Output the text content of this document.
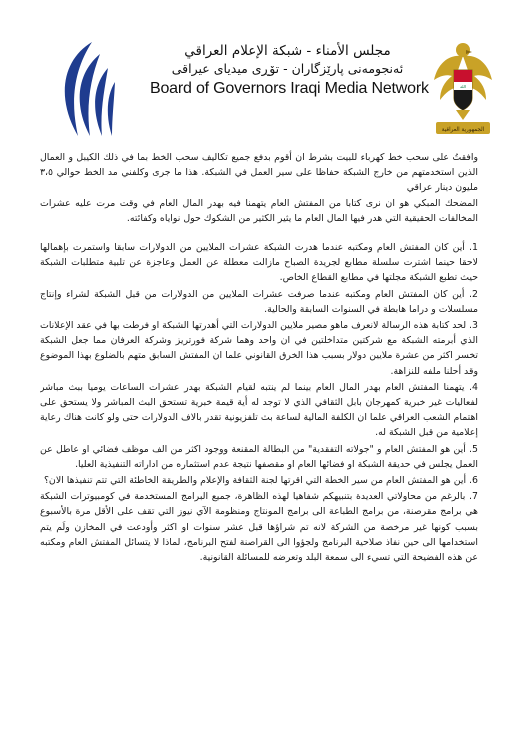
مجلس الأمناء - شبكة الإعلام العراقي
ئەنجومەنی پارێزگاران - تۆڕی میدیای عیراقی
Board of Governors Iraqi Media Network	الله
الجمهورية العراقية

وافقتُ على سحب خط كهرباء للبيت بشرط ان أقوم بدفع جميع تكاليف سحب الخط بما في ذلك الكيبل و العمال الذين استخدمتهم من خارج الشبكة حفاظا على سير العمل في الشبكة. هذا ما جرى وكلفني مد الخط حوالي ٣،٥ مليون دينار عراقي

المضحك المبكي هو ان نرى كتابا من المفتش العام يتهمنا فيه بهدر المال العام في وقت مرت عليه عشرات المخالفات الحقيقية التي هدر فيها المال العام ما يثير الكثير من الشكوك حول نواياه وكفائته.

1. أين كان المفتش العام ومكتبه عندما هدرت الشبكة عشرات الملايين من الدولارات سابقا واستمرت بإهمالها لاحقا حينما اشترت سلسلة مطابع لجريدة الصباح مازالت معطلة عن العمل وعاجزة عن تلبية متطلبات الشبكة حيث تطبع الشبكة مجلتها في مطابع القطاع الخاص.

2. أين كان المفتش العام ومكتبه عندما صرفت عشرات الملايين من الدولارات من قبل الشبكة لشراء وإنتاج مسلسلات و دراما هابطة في السنوات السابقة والحالية.

3. لحد كتابة هذه الرسالة لانعرف ماهو مصير ملايين الدولارات التي أهدرتها الشبكة او فرطت بها في عقد الإعلانات الذي أبرمته الشبكة مع شركتين متداخلتين في ان واحد وهما شركة فورتريز وشركة العرفان مما جعل الشبكة تخسر اكثر من عشرة ملايين دولار بسبب هذا الخرق القانوني علما ان المفتش السابق متهم بالضلوع بهذا الموضوع وقد أحلنا ملفه للنزاهة.

4. يتهمنا المفتش العام بهدر المال العام بينما لم ينتبه لقيام الشبكة بهدر عشرات الساعات يوميا ببث مباشر لفعاليات غير خبرية كمهرجان بابل الثقافي الذي لا توجد له أية قيمة خبرية تستحق البث المباشر ولا يستحق على اهتمام الشعب العراقي علما ان الكلفة المالية لساعة بث تلفزيونية تقدر بالاف الدولارات حتى ولو كانت هناك رعاية إعلامية من قبل الشبكة له.

5. أين هو المفتش العام و "جولاته التفقدية" من البطالة المقنعة ووجود اكثر من الف موظف فضائي او عاطل عن العمل يجلس في حديقة الشبكة او فضائها العام او مقصفها نتيجة عدم استثماره من اداراته التنفيذية العليا.

6. أين هو المفتش العام من سير الخطة التي اقرتها لجنة الثقافة والإعلام والطريقة الخاطئة التي تتم تنفيذها الان؟

7. بالرغم من محاولاتي العديدة بتنبيهكم شفاهيا لهذه الظاهرة، جميع البرامج المستخدمة في كومبيوترات الشبكة هي برامج مقرصنة، من برامج الطباعة الى برامج المونتاج ومنظومة الآي نيوز التي تقف على الأقل مرة بالأسبوع بسبب كونها غير مرخصة من الشركة لانه تم شراؤها قبل عشر سنوات او اكثر وأودعت في المخازن ولَم يتم استخدامها الى حين نفاذ صلاحية البرنامج ولجؤوا الى القراصنة لفتح البرنامج، لماذا لا يتسائل المفتش العام ومكتبه عن هذه الفضيحة التي تسيء الى سمعة البلد وتعرضه للمسائلة القانونية.
